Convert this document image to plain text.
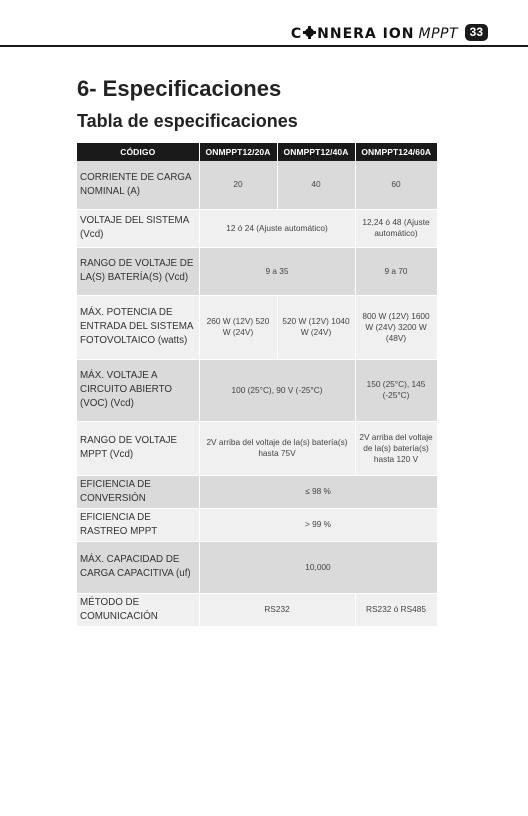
C NNERA ION MPPT 33
6- Especificaciones
Tabla de especificaciones
CÓDIGO	ONMPPT12/20A	ONMPPT12/40A	ONMPPT124/60A
CORRIENTE DE CARGA NOMINAL (A)	20	40	60
VOLTAJE DEL SISTEMA (Vcd)	12 ó 24 (Ajuste automático)		12,24 ó 48 (Ajuste automático)
RANGO DE VOLTAJE DE LA(S) BATERÍA(S) (Vcd)	9 a 35		9 a 70
MÁX. POTENCIA DE ENTRADA DEL SISTEMA FOTOVOLTAICO (watts)	260 W (12V) 520 W (24V)	520 W (12V) 1040 W (24V)	800 W (12V) 1600 W (24V) 3200 W (48V)
MÁX. VOLTAJE A CIRCUITO ABIERTO (VOC) (Vcd)	100 (25°C), 90 V (-25°C)		150 (25°C), 145 (-25°C)
RANGO DE VOLTAJE MPPT (Vcd)	2V arriba del voltaje de la(s) batería(s) hasta 75V		2V arriba del voltaje de la(s) batería(s) hasta 120 V
EFICIENCIA DE CONVERSIÓN	≤ 98 %		
EFICIENCIA DE RASTREO MPPT	> 99 %		
MÁX. CAPACIDAD DE CARGA CAPACITIVA (uf)	10,000		
MÉTODO DE COMUNICACIÓN	RS232		RS232 ó RS485
